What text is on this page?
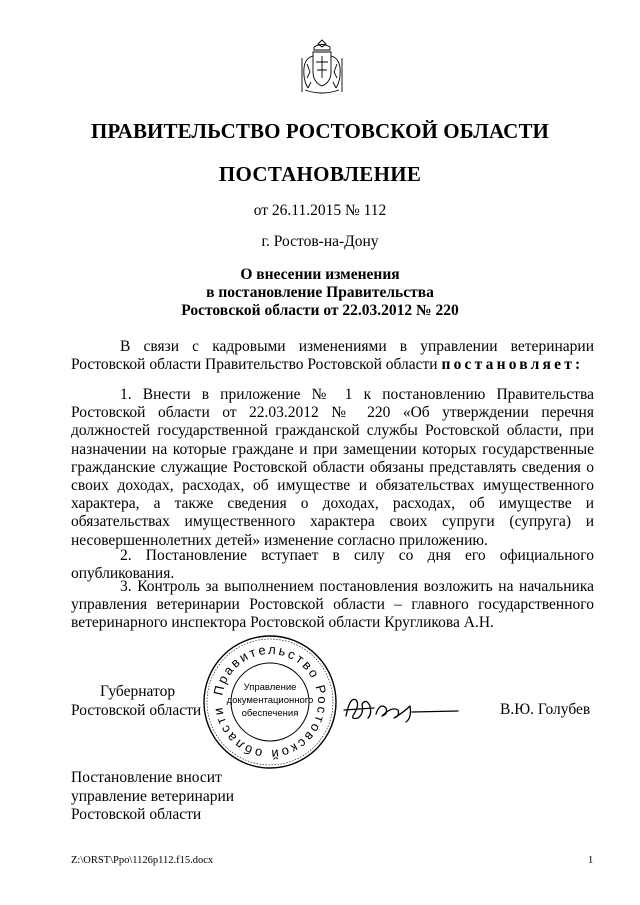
ПРАВИТЕЛЬСТВО РОСТОВСКОЙ ОБЛАСТИ
ПОСТАНОВЛЕНИЕ
от 26.11.2015 № 112
г. Ростов-на-Дону
О внесении изменения
в постановление Правительства
Ростовской области от 22.03.2012 № 220
В связи с кадровыми изменениями в управлении ветеринарии Ростовской области Правительство Ростовской области постановляет:
1. Внести в приложение № 1 к постановлению Правительства Ростовской области от 22.03.2012 № 220 «Об утверждении перечня должностей государственной гражданской службы Ростовской области, при назначении на которые граждане и при замещении которых государственные гражданские служащие Ростовской области обязаны представлять сведения о своих доходах, расходах, об имуществе и обязательствах имущественного характера, а также сведения о доходах, расходах, об имуществе и обязательствах имущественного характера своих супруги (супруга) и несовершеннолетних детей» изменение согласно приложению.
2. Постановление вступает в силу со дня его официального опубликования.
3. Контроль за выполнением постановления возложить на начальника управления ветеринарии Ростовской области – главного государственного ветеринарного инспектора Ростовской области Кругликова А.Н.
Губернатор
Ростовской области
Правительство Ростовской области
Управление
документационного
обеспечения	В.Ю. Голубев
Постановление вносит
управление ветеринарии
Ростовской области
Z:\ORST\Ppo\1126p112.f15.docx	1
